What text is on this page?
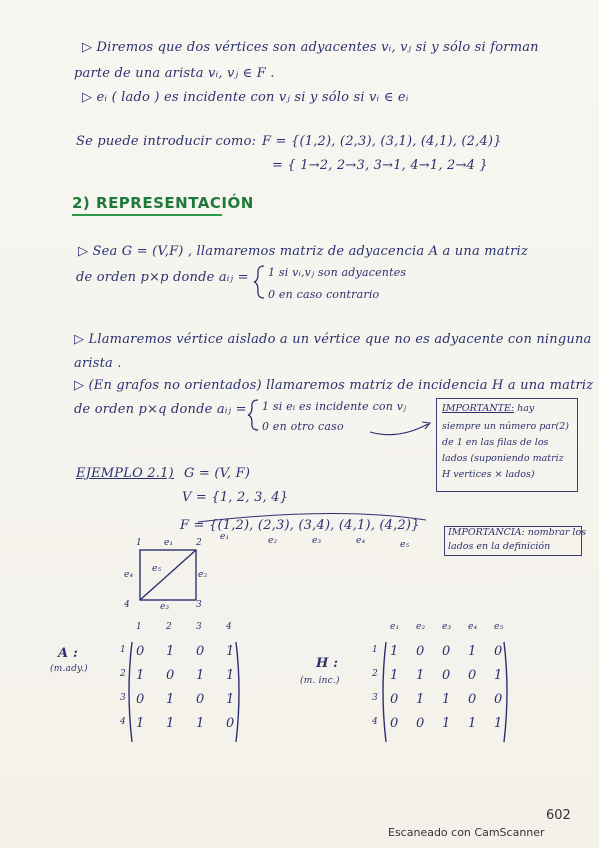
▷ Diremos que dos vértices son adyacentes vᵢ, vⱼ si y sólo si forman
parte de una arista vᵢ, vⱼ ∈ F .
▷ eᵢ ( lado ) es incidente con vⱼ si y sólo si vᵢ ∈ eᵢ
Se puede introducir como: F = {(1,2), (2,3), (3,1), (4,1), (2,4)}
= { 1→2, 2→3, 3→1, 4→1, 2→4 }
2) REPRESENTACIÓN
▷ Sea G = (V,F) , llamaremos matriz de adyacencia A a una matriz
de orden p×p donde aᵢⱼ = 1 si vᵢ,vⱼ son adyacentes
0 en caso contrario
▷ Llamaremos vértice aislado a un vértice que no es adyacente con ninguna
arista .
▷ (En grafos no orientados) llamaremos matriz de incidencia H a una matriz
de orden p×q donde aᵢⱼ = 1 si eᵢ es incidente con vⱼ
0 en otro caso
IMPORTANTE: hay
siempre un número par(2)
de 1 en las filas de los
lados (suponiendo matriz
H vertices × lados)
EJEMPLO 2.1) G = (V, F)
V = {1, 2, 3, 4}
F = {(1,2), (2,3), (3,4), (4,1), (4,2)}
e₁	e₂	e₃	e₄	e₅
IMPORTANCIA: nombrar los
lados en la definición
1	2
3
4
e₁
e₂
e₃
e₄
e₅
A :
(m.ady.)	H :
(m. inc.)
602
Escaneado con CamScanner
1	2	3	4
1 0 1 0 1
2 1 0 1 1
3 0 1 0 1
4 1 1 1 0
e₁ e₂ e₃ e₄ e₅
1 1 0 0 1 0
2 1 1 0 0 1
3 0 1 1 0 0
4 0 0 1 1 1
